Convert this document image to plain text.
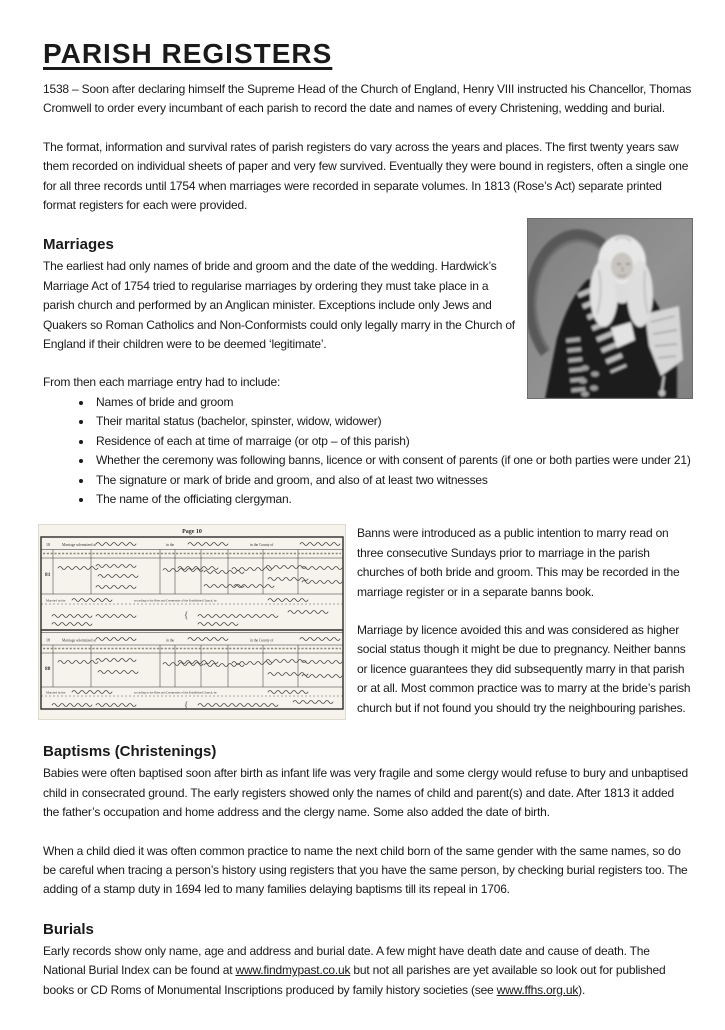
PARISH REGISTERS

1538 – Soon after declaring himself the Supreme Head of the Church of England, Henry VIII instructed his Chancellor, Thomas Cromwell to order every incumbant of each parish to record the date and names of every Christening, wedding and burial.

The format, information and survival rates of parish registers do vary across the years and places. The first twenty years saw them recorded on individual sheets of paper and very few survived. Eventually they were bound in registers, often a single one for all three records until 1754 when marriages were recorded in separate volumes. In 1813 (Rose’s Act) separate printed format registers for each were provided.

Marriages

The earliest had only names of bride and groom and the date of the wedding. Hardwick’s Marriage Act of 1754 tried to regularise marriages by ordering they must take place in a parish church and performed by an Anglican minister. Exceptions include only Jews and Quakers so Roman Catholics and Non-Conformists could only legally marry in the Church of England if their children were to be deemed ‘legitimate’.

From then each marriage entry had to include:

• Names of bride and groom
• Their marital status (bachelor, spinster, widow, widower)
• Residence of each at time of marraige (or otp – of this parish)
• Whether the ceremony was following banns, licence or with consent of parents (if one or both parties were under 21)
• The signature or mark of bride and groom, and also of at least two witnesses
• The name of the officiating clergyman.
Page 10
18	Marriage solemnized at	in the	in the County of
81
Married in the	according to the Rites and Ceremonies of the Established Church, by
18	Marriage solemnized at	in the	in the County of
88
Married in the	according to the Rites and Ceremonies of the Established Church, by
{
{

Banns were introduced as a public intention to marry read on three consecutive Sundays prior to marriage in the parish churches of both bride and groom. This may be recorded in the marriage register or in a separate banns book.

Marriage by licence avoided this and was considered as higher social status though it might be due to pregnancy. Neither banns or licence guarantees they did subsequently marry in that parish or at all. Most common practice was to marry at the bride’s parish church but if not found you should try the neighbouring parishes.

Baptisms (Christenings)

Babies were often baptised soon after birth as infant life was very fragile and some clergy would refuse to bury and unbaptised child in consecrated ground. The early registers showed only the names of child and parent(s) and date. After 1813 it added the father’s occupation and home address and the clergy name. Some also added the date of birth.

When a child died it was often common practice to name the next child born of the same gender with the same names, so do be careful when tracing a person’s history using registers that you have the same person, by checking burial registers too. The adding of a stamp duty in 1694 led to many families delaying baptisms till its repeal in 1706.

Burials

Early records show only name, age and address and burial date. A few might have death date and cause of death. The National Burial Index can be found at www.findmypast.co.uk but not all parishes are yet available so look out for published books or CD Roms of Monumental Inscriptions produced by family history societies (see www.ffhs.org.uk).
